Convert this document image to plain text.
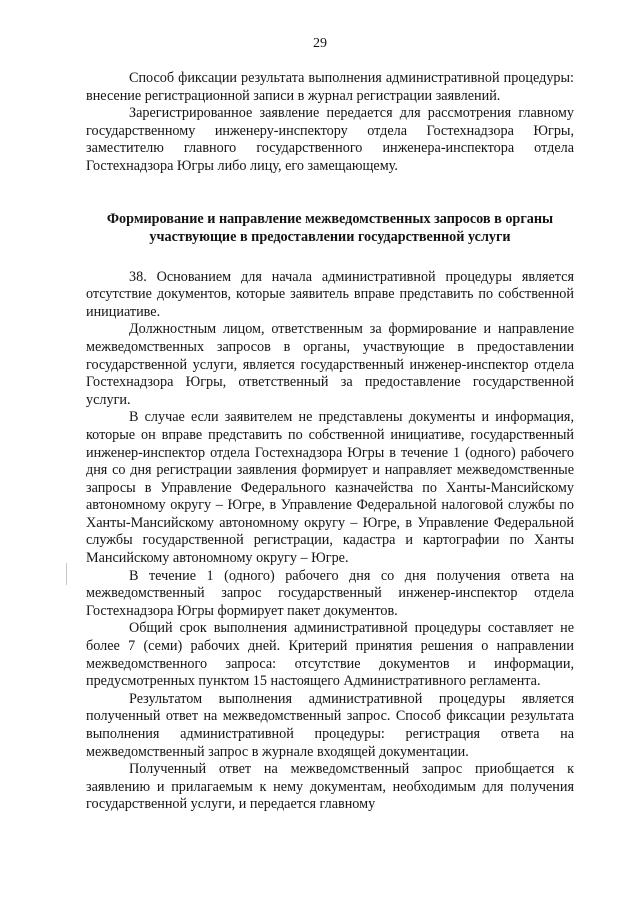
29

Способ фиксации результата выполнения административной процедуры: внесение регистрационной записи в журнал регистрации заявлений.

Зарегистрированное заявление передается для рассмотрения главному государственному инженеру-инспектору отдела Гостехнадзора Югры, заместителю главного государственного инженера-инспектора отдела Гостехнадзора Югры либо лицу, его замещающему.

Формирование и направление межведомственных запросов в органы участвующие в предоставлении государственной услуги

38. Основанием для начала административной процедуры является отсутствие документов, которые заявитель вправе представить по собственной инициативе.

Должностным лицом, ответственным за формирование и направление межведомственных запросов в органы, участвующие в предоставлении государственной услуги, является государственный инженер-инспектор отдела Гостехнадзора Югры, ответственный за предоставление государственной услуги.

В случае если заявителем не представлены документы и информация, которые он вправе представить по собственной инициативе, государственный инженер-инспектор отдела Гостехнадзора Югры в течение 1 (одного) рабочего дня со дня регистрации заявления формирует и направляет межведомственные запросы в Управление Федерального казначейства по Ханты-Мансийскому автономному округу – Югре, в Управление Федеральной налоговой службы по Ханты-Мансийскому автономному округу – Югре, в Управление Федеральной службы государственной регистрации, кадастра и картографии по Ханты Мансийскому автономному округу – Югре.

В течение 1 (одного) рабочего дня со дня получения ответа на межведомственный запрос государственный инженер-инспектор отдела Гостехнадзора Югры формирует пакет документов.

Общий срок выполнения административной процедуры составляет не более 7 (семи) рабочих дней. Критерий принятия решения о направлении межведомственного запроса: отсутствие документов и информации, предусмотренных пунктом 15 настоящего Административного регламента.

Результатом выполнения административной процедуры является полученный ответ на межведомственный запрос. Способ фиксации результата выполнения административной процедуры: регистрация ответа на межведомственный запрос в журнале входящей документации.

Полученный ответ на межведомственный запрос приобщается к заявлению и прилагаемым к нему документам, необходимым для получения государственной услуги, и передается главному
